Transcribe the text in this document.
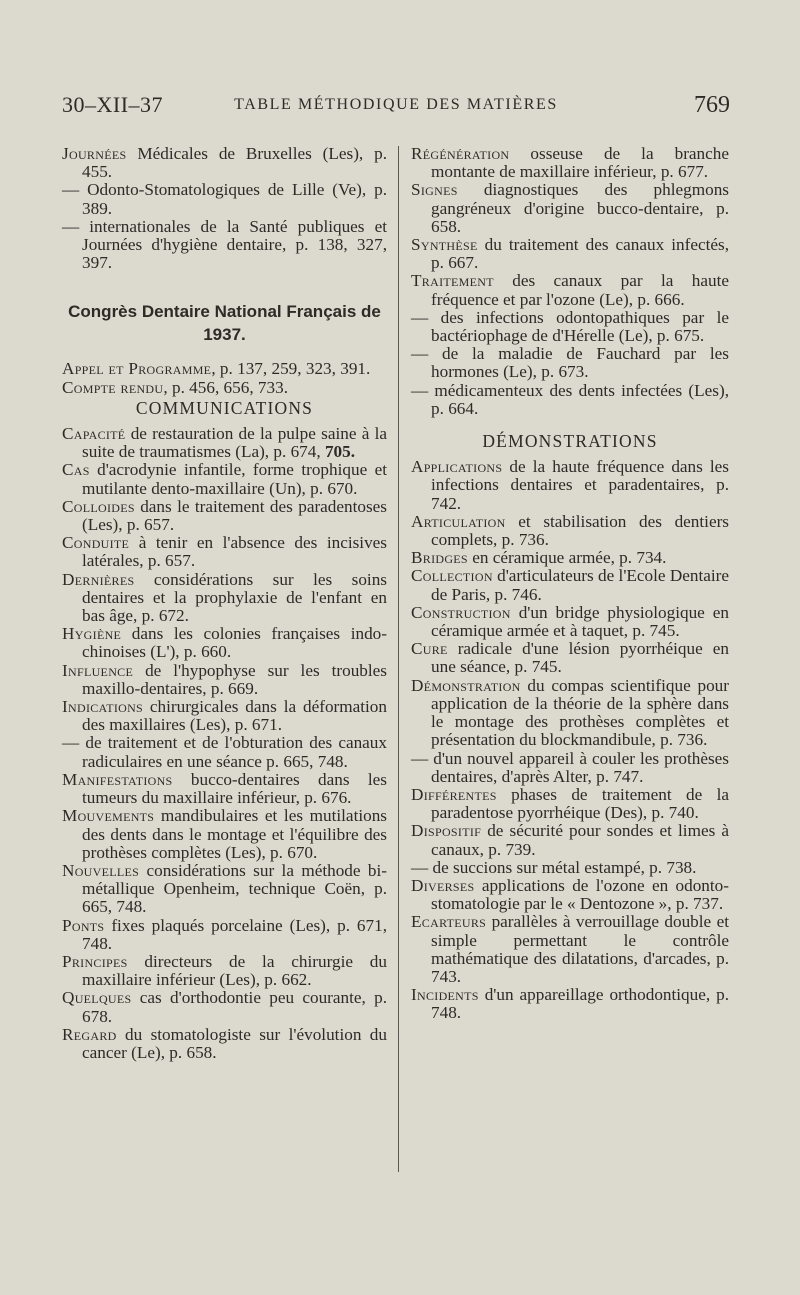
30–XII–37	TABLE MÉTHODIQUE DES MATIÈRES	769

Journées Médicales de Bruxelles (Les), p. 455.

— Odonto-Stomatologiques de Lille (Ve), p. 389.

— internationales de la Santé publiques et Journées d'hygiène dentaire, p. 138, 327, 397.

Congrès Dentaire National Français de 1937.

Appel et Programme, p. 137, 259, 323, 391.

Compte rendu, p. 456, 656, 733.

COMMUNICATIONS

Capacité de restauration de la pulpe saine à la suite de traumatismes (La), p. 674, 705.

Cas d'acrodynie infantile, forme trophique et mutilante dento-maxillaire (Un), p. 670.

Colloides dans le traitement des paradentoses (Les), p. 657.

Conduite à tenir en l'absence des incisives latérales, p. 657.

Dernières considérations sur les soins dentaires et la prophylaxie de l'enfant en bas âge, p. 672.

Hygiène dans les colonies françaises indo-chinoises (L'), p. 660.

Influence de l'hypophyse sur les troubles maxillo-dentaires, p. 669.

Indications chirurgicales dans la déformation des maxillaires (Les), p. 671.

— de traitement et de l'obturation des canaux radiculaires en une séance p. 665, 748.

Manifestations bucco-dentaires dans les tumeurs du maxillaire inférieur, p. 676.

Mouvements mandibulaires et les mutilations des dents dans le montage et l'équilibre des prothèses complètes (Les), p. 670.

Nouvelles considérations sur la méthode bi-métallique Openheim, technique Coën, p. 665, 748.

Ponts fixes plaqués porcelaine (Les), p. 671, 748.

Principes directeurs de la chirurgie du maxillaire inférieur (Les), p. 662.

Quelques cas d'orthodontie peu courante, p. 678.

Regard du stomatologiste sur l'évolution du cancer (Le), p. 658.

Régénération osseuse de la branche montante de maxillaire inférieur, p. 677.

Signes diagnostiques des phlegmons gangréneux d'origine bucco-dentaire, p. 658.

Synthèse du traitement des canaux infectés, p. 667.

Traitement des canaux par la haute fréquence et par l'ozone (Le), p. 666.

— des infections odontopathiques par le bactériophage de d'Hérelle (Le), p. 675.

— de la maladie de Fauchard par les hormones (Le), p. 673.

— médicamenteux des dents infectées (Les), p. 664.

DÉMONSTRATIONS

Applications de la haute fréquence dans les infections dentaires et paradentaires, p. 742.

Articulation et stabilisation des dentiers complets, p. 736.

Bridges en céramique armée, p. 734.

Collection d'articulateurs de l'Ecole Dentaire de Paris, p. 746.

Construction d'un bridge physiologique en céramique armée et à taquet, p. 745.

Cure radicale d'une lésion pyorrhéique en une séance, p. 745.

Démonstration du compas scientifique pour application de la théorie de la sphère dans le montage des prothèses complètes et présentation du blockmandibule, p. 736.

— d'un nouvel appareil à couler les prothèses dentaires, d'après Alter, p. 747.

Différentes phases de traitement de la paradentose pyorrhéique (Des), p. 740.

Dispositif de sécurité pour sondes et limes à canaux, p. 739.

— de succions sur métal estampé, p. 738.

Diverses applications de l'ozone en odonto-stomatologie par le « Dentozone », p. 737.

Ecarteurs parallèles à verrouillage double et simple permettant le contrôle mathématique des dilatations, d'arcades, p. 743.

Incidents d'un appareillage orthodontique, p. 748.
